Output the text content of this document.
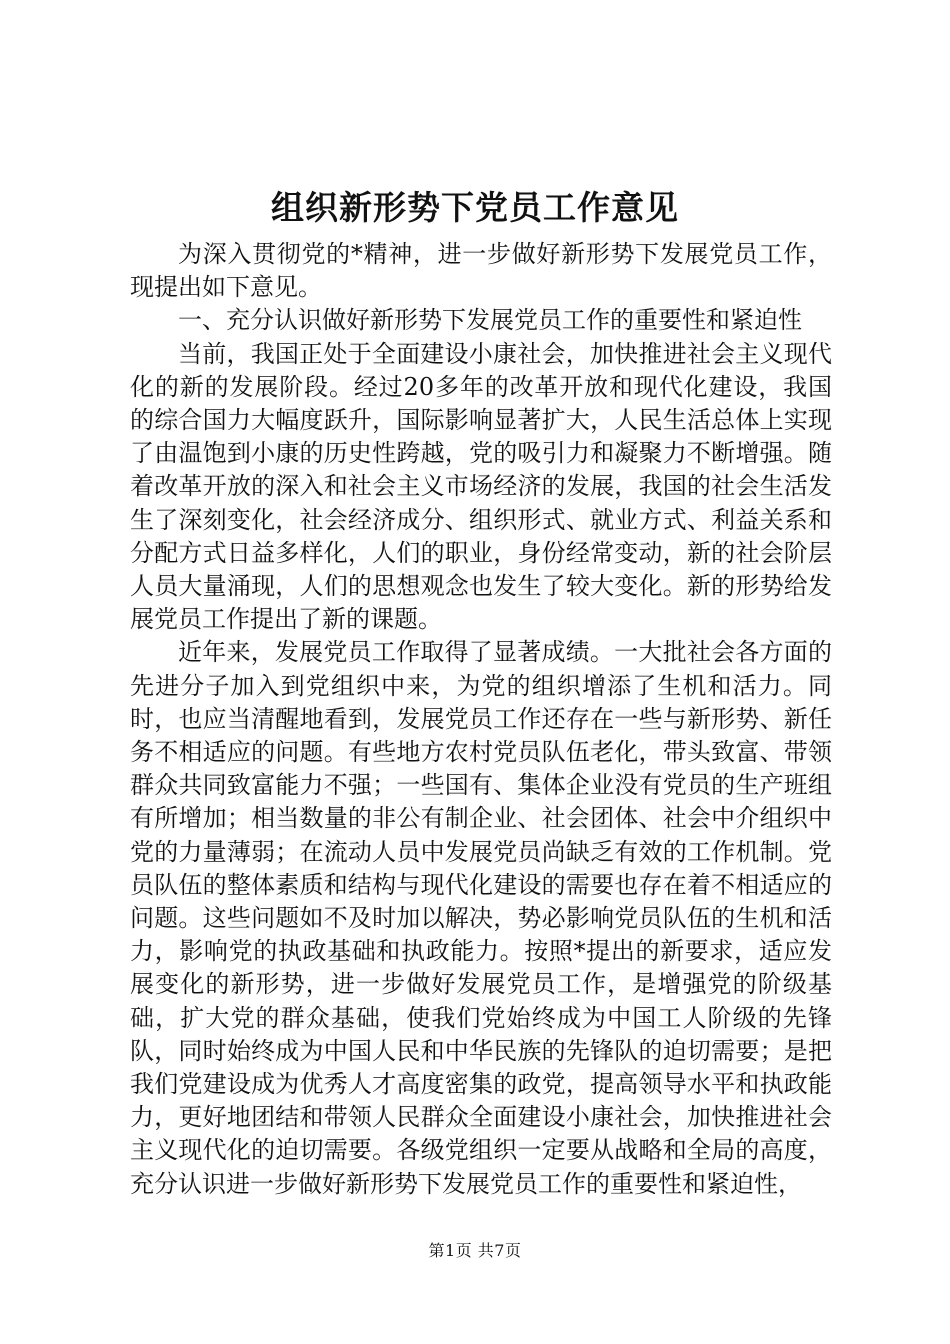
组织新形势下党员工作意见

为深入贯彻党的*精神，进一步做好新形势下发展党员工作，现提出如下意见。

一、充分认识做好新形势下发展党员工作的重要性和紧迫性

当前，我国正处于全面建设小康社会，加快推进社会主义现代化的新的发展阶段。经过20多年的改革开放和现代化建设，我国的综合国力大幅度跃升，国际影响显著扩大，人民生活总体上实现了由温饱到小康的历史性跨越，党的吸引力和凝聚力不断增强。随着改革开放的深入和社会主义市场经济的发展，我国的社会生活发生了深刻变化，社会经济成分、组织形式、就业方式、利益关系和分配方式日益多样化，人们的职业，身份经常变动，新的社会阶层人员大量涌现，人们的思想观念也发生了较大变化。新的形势给发展党员工作提出了新的课题。

近年来，发展党员工作取得了显著成绩。一大批社会各方面的先进分子加入到党组织中来，为党的组织增添了生机和活力。同时，也应当清醒地看到，发展党员工作还存在一些与新形势、新任务不相适应的问题。有些地方农村党员队伍老化，带头致富、带领群众共同致富能力不强；一些国有、集体企业没有党员的生产班组有所增加；相当数量的非公有制企业、社会团体、社会中介组织中党的力量薄弱；在流动人员中发展党员尚缺乏有效的工作机制。党员队伍的整体素质和结构与现代化建设的需要也存在着不相适应的问题。这些问题如不及时加以解决，势必影响党员队伍的生机和活力，影响党的执政基础和执政能力。按照*提出的新要求，适应发展变化的新形势，进一步做好发展党员工作，是增强党的阶级基础，扩大党的群众基础，使我们党始终成为中国工人阶级的先锋队，同时始终成为中国人民和中华民族的先锋队的迫切需要；是把我们党建设成为优秀人才高度密集的政党，提高领导水平和执政能力，更好地团结和带领人民群众全面建设小康社会，加快推进社会主义现代化的迫切需要。各级党组织一定要从战略和全局的高度，充分认识进一步做好新形势下发展党员工作的重要性和紧迫性，

第1页 共7页
